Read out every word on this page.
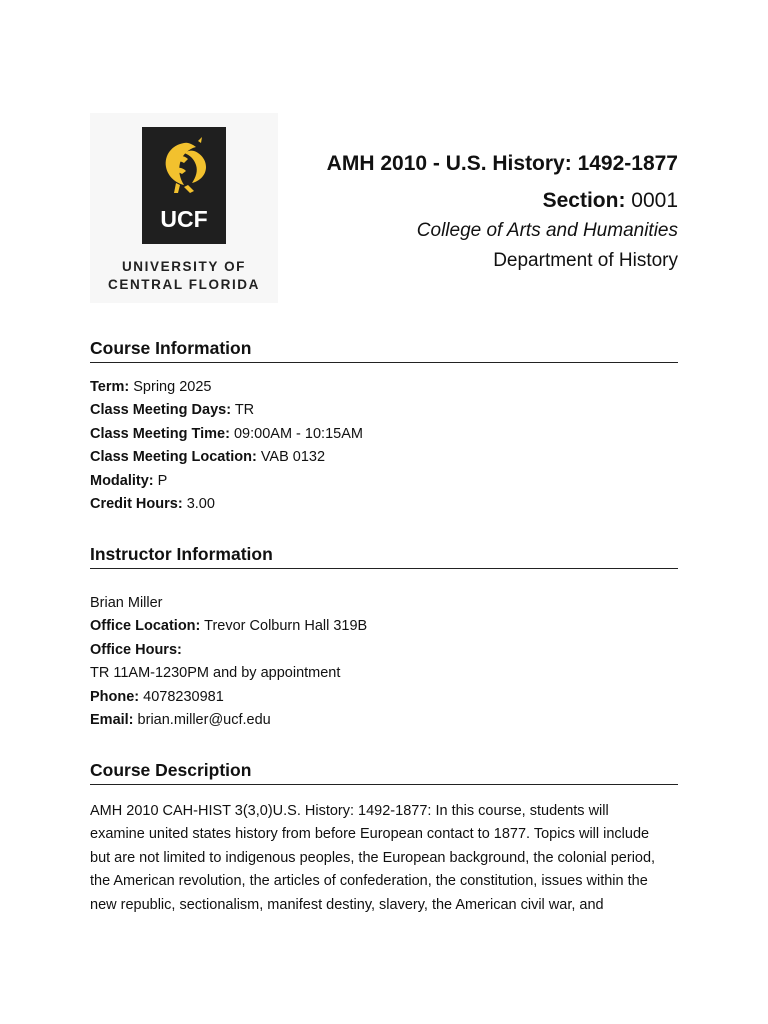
UCF
UNIVERSITY OF
CENTRAL FLORIDA
AMH 2010 - U.S. History: 1492-1877
Section: 0001
College of Arts and Humanities
Department of History
Course Information
Term: Spring 2025
Class Meeting Days: TR
Class Meeting Time: 09:00AM - 10:15AM
Class Meeting Location: VAB 0132
Modality: P
Credit Hours: 3.00
Instructor Information
Brian Miller
Office Location: Trevor Colburn Hall 319B
Office Hours:
TR 11AM-1230PM and by appointment
Phone: 4078230981
Email: brian.miller@ucf.edu
Course Description
AMH 2010 CAH-HIST 3(3,0)U.S. History: 1492-1877: In this course, students will
examine united states history from before European contact to 1877. Topics will include
but are not limited to indigenous peoples, the European background, the colonial period,
the American revolution, the articles of confederation, the constitution, issues within the
new republic, sectionalism, manifest destiny, slavery, the American civil war, and
